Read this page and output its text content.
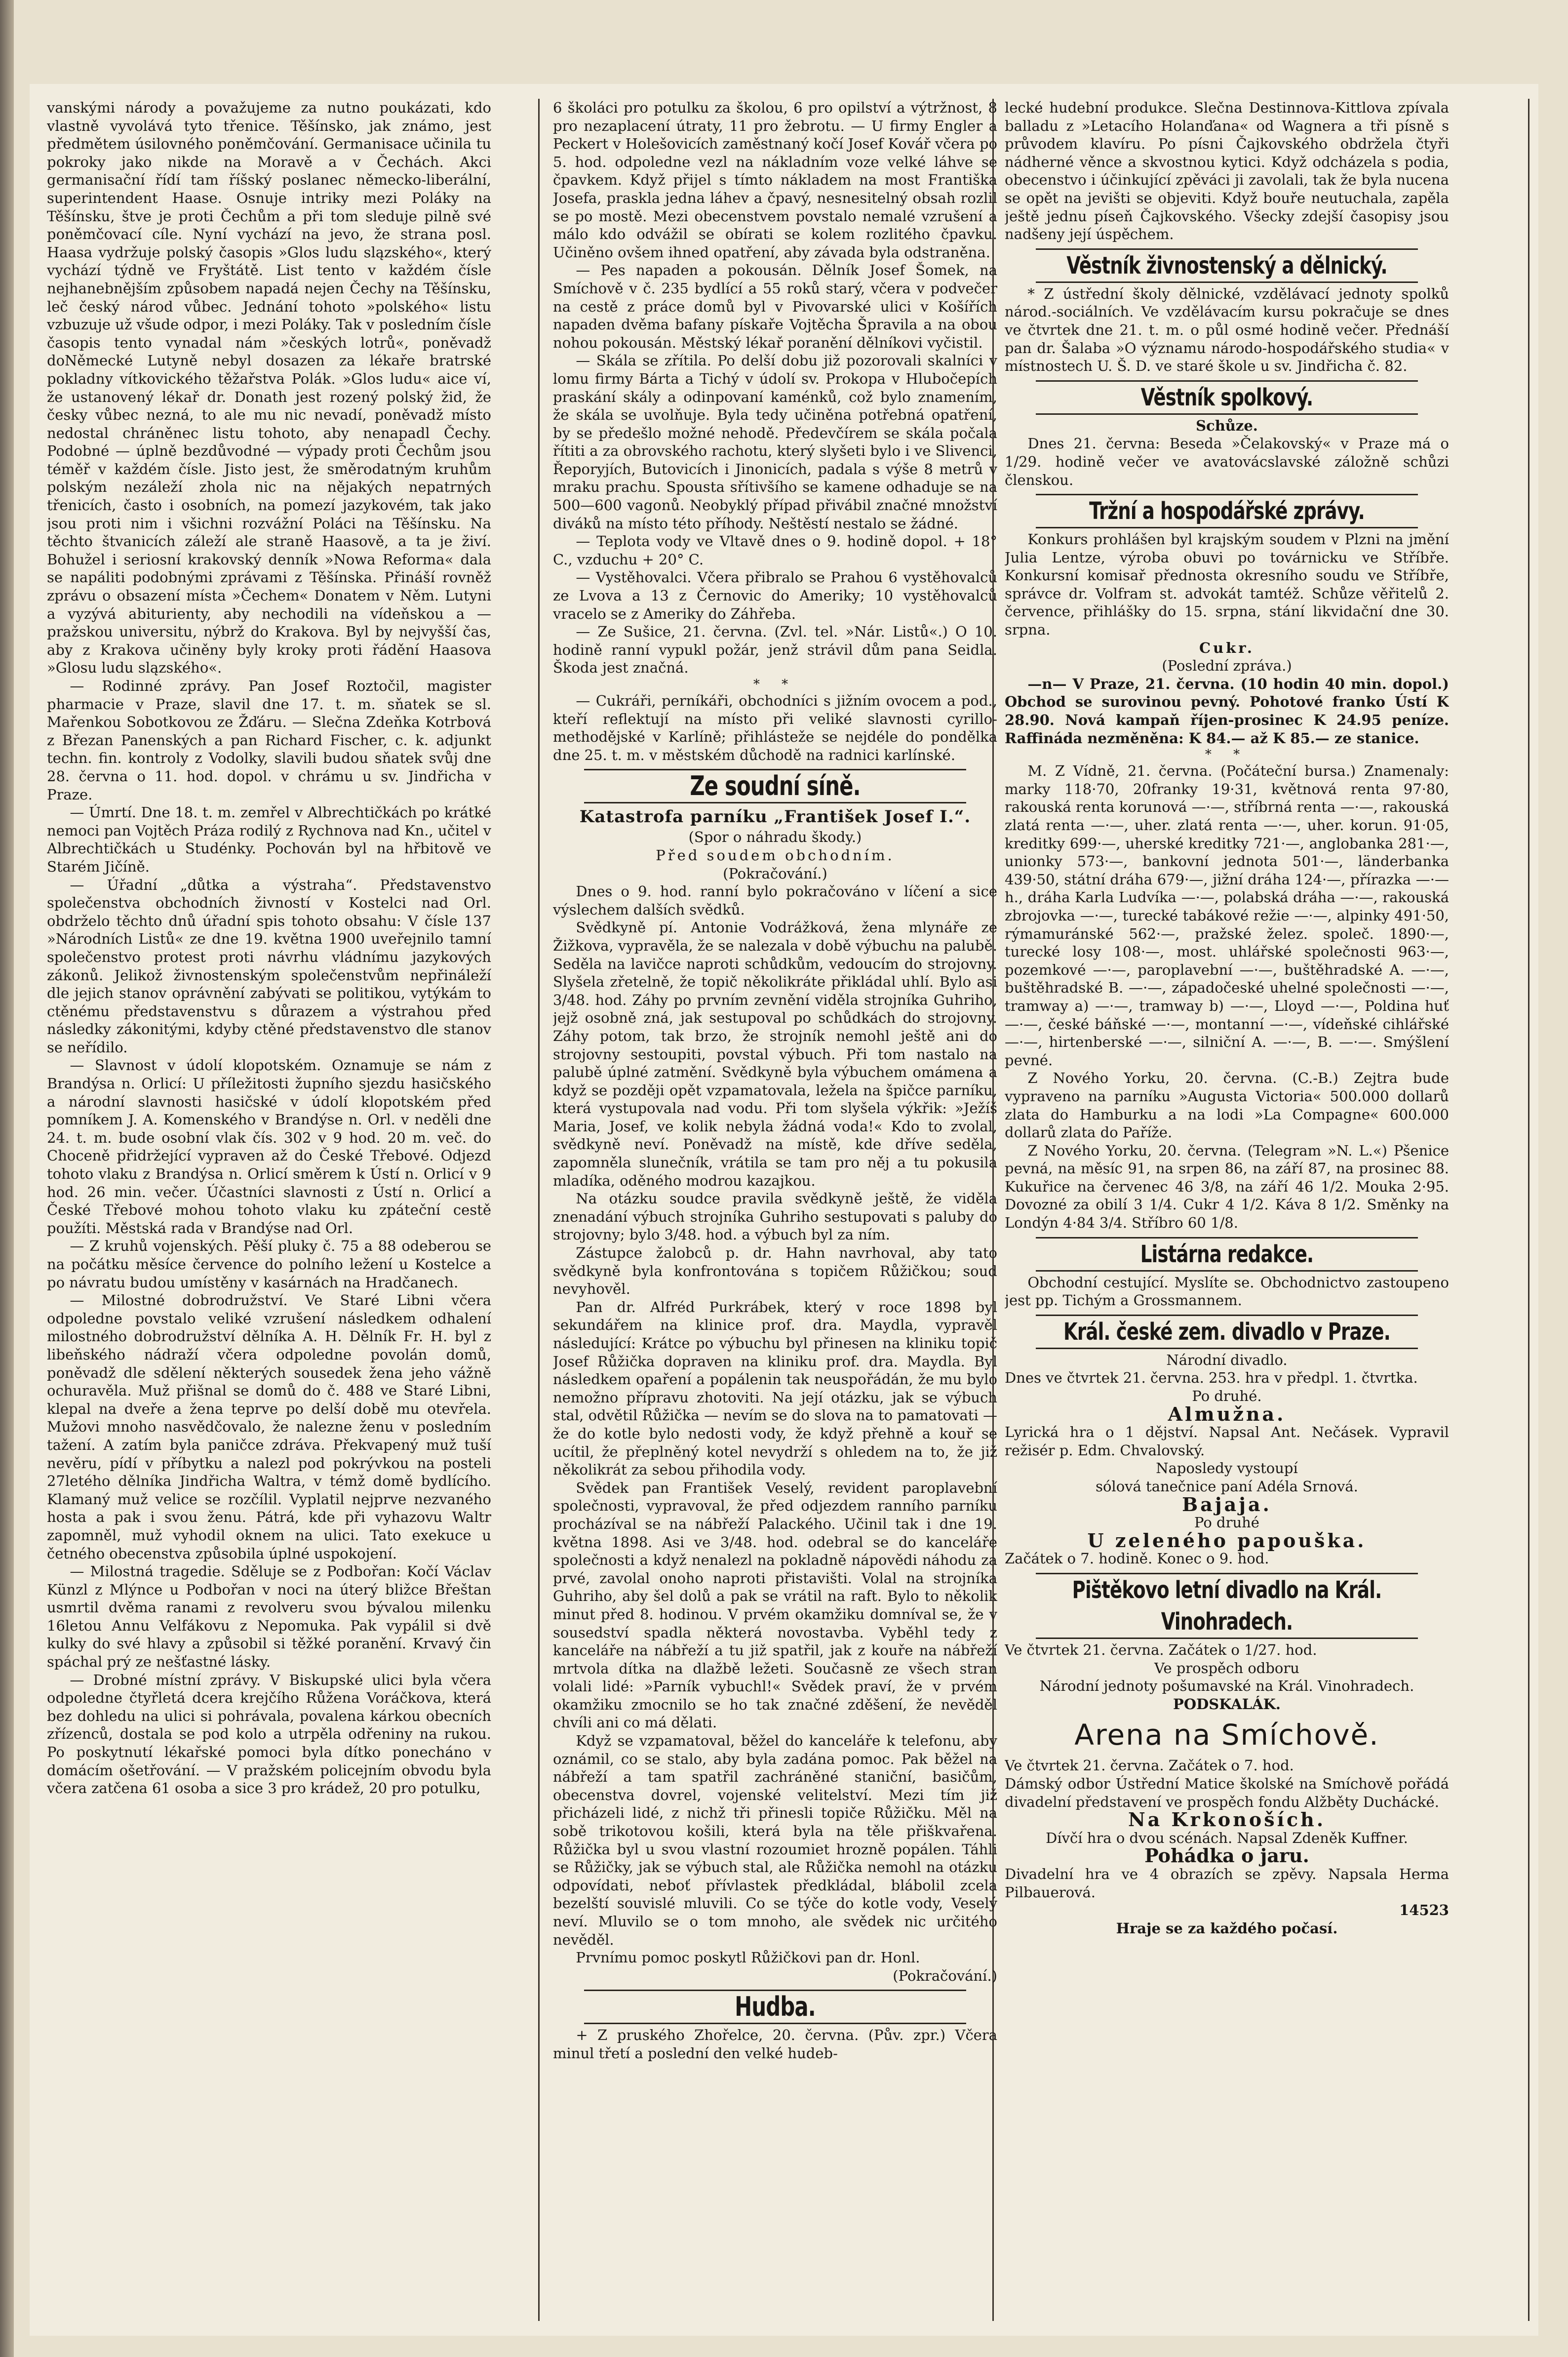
vanskými národy a považujeme za nutno poukázati, kdo vlastně vyvolává tyto třenice. Těšínsko, jak známo, jest předmětem úsilovného poněmčování. Germanisace učinila tu pokroky jako nikde na Moravě a v Čechách. Akci germanisační řídí tam říšský poslanec německo-liberální, superintendent Haase. Osnuje intriky mezi Poláky na Těšínsku, štve je proti Čechům a při tom sleduje pilně své poněmčovací cíle. Nyní vychází na jevo, že strana posl. Haasa vydržuje polský časopis »Glos ludu slązského«, který vychází týdně ve Fryštátě. List tento v každém čísle nejhanebnějším způsobem napadá nejen Čechy na Těšínsku, leč český národ vůbec. Jednání tohoto »polského« listu vzbuzuje už všude odpor, i mezi Poláky. Tak v posledním čísle časopis tento vynadal nám »českých lotrů«, poněvadž doNěmecké Lutyně nebyl dosazen za lékaře bratrské pokladny vítkovického těžařstva Polák. »Glos ludu« aice ví, že ustanovený lékař dr. Donath jest rozený polský žid, že česky vůbec nezná, to ale mu nic nevadí, poněvadž místo nedostal chráněnec listu tohoto, aby nenapadl Čechy. Podobné — úplně bezdůvodné — výpady proti Čechům jsou téměř v každém čísle. Jisto jest, že směrodatným kruhům polským nezáleží zhola nic na nějakých nepatrných třenicích, často i osobních, na pomezí jazykovém, tak jako jsou proti nim i všichni rozvážní Poláci na Těšínsku. Na těchto štvanicích záleží ale straně Haasově, a ta je živí. Bohužel i seriosní krakovský denník »Nowa Reforma« dala se napáliti podobnými zprávami z Těšínska. Přináší rovněž zprávu o obsazení místa »Čechem« Donatem v Něm. Lutyni a vyzývá abiturienty, aby nechodili na vídeňskou a — pražskou universitu, nýbrž do Krakova. Byl by nejvyšší čas, aby z Krakova učiněny byly kroky proti řádění Haasova »Glosu ludu slązského«.

— Rodinné zprávy. Pan Josef Roztočil, magister pharmacie v Praze, slavil dne 17. t. m. sňatek se sl. Mařenkou Sobotkovou ze Žďáru. — Slečna Zdeňka Kotrbová z Březan Panenských a pan Richard Fischer, c. k. adjunkt techn. fin. kontroly z Vodolky, slavili budou sňatek svůj dne 28. června o 11. hod. dopol. v chrámu u sv. Jindřicha v Praze.

— Úmrtí. Dne 18. t. m. zemřel v Albrechtičkách po krátké nemoci pan Vojtěch Práza rodilý z Rychnova nad Kn., učitel v Albrechtičkách u Studénky. Pochován byl na hřbitově ve Starém Jičíně.

— Úřadní „důtka a výstraha“. Představenstvo společenstva obchodních živností v Kostelci nad Orl. obdrželo těchto dnů úřadní spis tohoto obsahu: V čísle 137 »Národních Listů« ze dne 19. května 1900 uveřejnilo tamní společenstvo protest proti návrhu vládnímu jazykových zákonů. Jelikož živnostenským společenstvům nepřináleží dle jejich stanov oprávnění zabývati se politikou, vytýkám to ctěnému představenstvu s důrazem a výstrahou před následky zákonitými, kdyby ctěné představenstvo dle stanov se neřídilo.

— Slavnost v údolí klopotském. Oznamuje se nám z Brandýsa n. Orlicí: U příležitosti župního sjezdu hasičského a národní slavnosti hasičské v údolí klopotském před pomníkem J. A. Komenského v Brandýse n. Orl. v neděli dne 24. t. m. bude osobní vlak čís. 302 v 9 hod. 20 m. več. do Choceně přidržející vypraven až do České Třebové. Odjezd tohoto vlaku z Brandýsa n. Orlicí směrem k Ústí n. Orlicí v 9 hod. 26 min. večer. Účastníci slavnosti z Ústí n. Orlicí a České Třebové mohou tohoto vlaku ku zpáteční cestě použíti. Městská rada v Brandýse nad Orl.

— Z kruhů vojenských. Pěší pluky č. 75 a 88 odeberou se na počátku měsíce července do polního ležení u Kostelce a po návratu budou umístěny v kasárnách na Hradčanech.

— Milostné dobrodružství. Ve Staré Libni včera odpoledne povstalo veliké vzrušení následkem odhalení milostného dobrodružství dělníka A. H. Dělník Fr. H. byl z libeňského nádraží včera odpoledne povolán domů, poněvadž dle sdělení některých sousedek žena jeho vážně ochuravěla. Muž přišnal se domů do č. 488 ve Staré Libni, klepal na dveře a žena teprve po delší době mu otevřela. Mužovi mnoho nasvědčovalo, že nalezne ženu v posledním tažení. A zatím byla paničce zdráva. Překvapený muž tuší nevěru, pídí v příbytku a nalezl pod pokrývkou na posteli 27letého dělníka Jindřicha Waltra, v témž domě bydlícího. Klamaný muž velice se rozčílil. Vyplatil nejprve nezvaného hosta a pak i svou ženu. Pátrá, kde při vyhazovu Waltr zapomněl, muž vyhodil oknem na ulici. Tato exekuce u četného obecenstva způsobila úplné uspokojení.

— Milostná tragedie. Sděluje se z Podbořan: Kočí Václav Künzl z Mlýnce u Podbořan v noci na úterý bližce Břeštan usmrtil dvěma ranami z revolveru svou bývalou milenku 16letou Annu Velfákovu z Nepomuka. Pak vypálil si dvě kulky do své hlavy a způsobil si těžké poranění. Krvavý čin spáchal prý ze nešťastné lásky.

— Drobné místní zprávy. V Biskupské ulici byla včera odpoledne čtyřletá dcera krejčího Růžena Voráčkova, která bez dohledu na ulici si pohrávala, povalena kárkou obecních zřízenců, dostala se pod kolo a utrpěla odřeniny na rukou. Po poskytnutí lékařské pomoci byla dítko ponecháno v domácím ošetřování. — V pražském policejním obvodu byla včera zatčena 61 osoba a sice 3 pro krádež, 20 pro potulku,

6 školáci pro potulku za školou, 6 pro opilství a výtržnost, 8 pro nezaplacení útraty, 11 pro žebrotu. — U firmy Engler a Peckert v Holešovicích zaměstnaný kočí Josef Kovář včera po 5. hod. odpoledne vezl na nákladním voze velké láhve se čpavkem. Když přijel s tímto nákladem na most Františka Josefa, praskla jedna láhev a čpavý, nesnesitelný obsah rozlil se po mostě. Mezi obecenstvem povstalo nemalé vzrušení a málo kdo odvážil se obírati se kolem rozlitého čpavku. Učiněno ovšem ihned opatření, aby závada byla odstraněna.

— Pes napaden a pokousán. Dělník Josef Šomek, na Smíchově v č. 235 bydlící a 55 roků starý, včera v podvečer na cestě z práce domů byl v Pivovarské ulici v Košířích napaden dvěma bafany pískaře Vojtěcha Špravila a na obou nohou pokousán. Městský lékař poranění dělníkovi vyčistil.

— Skála se zřítila. Po delší dobu již pozorovali skalníci v lomu firmy Bárta a Tichý v údolí sv. Prokopa v Hlubočepích praskání skály a odinpovaní kaménků, což bylo znamením, že skála se uvolňuje. Byla tedy učiněna potřebná opatření, by se předešlo možné nehodě. Předevčírem se skála počala řítiti a za obrovského rachotu, který slyšeti bylo i ve Slivenci, Řeporyjích, Butovicích i Jinonicích, padala s výše 8 metrů v mraku prachu. Spousta sřítivšího se kamene odhaduje se na 500—600 vagonů. Neobyklý případ přivábil značné množství diváků na místo této příhody. Neštěstí nestalo se žádné.

— Teplota vody ve Vltavě dnes o 9. hodině dopol. + 18° C., vzduchu + 20° C.

— Vystěhovalci. Včera přibralo se Prahou 6 vystěhovalců ze Lvova a 13 z Černovic do Ameriky; 10 vystěhovalců vracelo se z Ameriky do Záhřeba.

— Ze Sušice, 21. června. (Zvl. tel. »Nár. Listů«.) O 10. hodině ranní vypukl požár, jenž strávil dům pana Seidla. Škoda jest značná.

* *

— Cukráři, perníkáři, obchodníci s jižním ovocem a pod., kteří reflektují na místo při veliké slavnosti cyrillo-methodějské v Karlíně; přihlásteže se nejdéle do pondělka dne 25. t. m. v městském důchodě na radnici karlínské.

Ze soudní síně.
Katastrofa parníku „František Josef I.“.

(Spor o náhradu škody.)

Před soudem obchodním.

(Pokračování.)

Dnes o 9. hod. ranní bylo pokračováno v líčení a sice výslechem dalších svědků.

Svědkyně pí. Antonie Vodrážková, žena mlynáře ze Žižkova, vypravěla, že se nalezala v době výbuchu na palubě. Seděla na lavičce naproti schůdkům, vedoucím do strojovny. Slyšela zřetelně, že topič několikráte přikládal uhlí. Bylo asi 3/48. hod. Záhy po prvním zevnění viděla strojníka Guhriho, jejž osobně zná, jak sestupoval po schůdkách do strojovny. Záhy potom, tak brzo, že strojník nemohl ještě ani do strojovny sestoupiti, povstal výbuch. Při tom nastalo na palubě úplné zatmění. Svědkyně byla výbuchem omámena a když se později opět vzpamatovala, ležela na špičce parníku, která vystupovala nad vodu. Při tom slyšela výkřik: »Ježíš Maria, Josef, ve kolik nebyla žádná voda!« Kdo to zvolal, svědkyně neví. Poněvadž na místě, kde dříve seděla, zapomněla slunečník, vrátila se tam pro něj a tu pokusila mladíka, oděného modrou kazajkou.

Na otázku soudce pravila svědkyně ještě, že viděla znenadání výbuch strojníka Guhriho sestupovati s paluby do strojovny; bylo 3/48. hod. a výbuch byl za ním.

Zástupce žalobců p. dr. Hahn navrhoval, aby tato svědkyně byla konfrontována s topičem Růžičkou; soud nevyhověl.

Pan dr. Alfréd Purkrábek, který v roce 1898 byl sekundářem na klinice prof. dra. Maydla, vypravěl následující: Krátce po výbuchu byl přinesen na kliniku topič Josef Růžička dopraven na kliniku prof. dra. Maydla. Byl následkem opaření a popálenin tak neuspořádán, že mu bylo nemožno přípravu zhotoviti. Na její otázku, jak se výbuch stal, odvětil Růžička — nevím se do slova na to pamatovati — že do kotle bylo nedosti vody, že když přehně a kouř se ucítil, že přeplněný kotel nevydrží s ohledem na to, že již několikrát za sebou přihodila vody.

Svědek pan František Veselý, revident paroplavební společnosti, vypravoval, že před odjezdem ranního parníku procházíval se na nábřeží Palackého. Učinil tak i dne 19. května 1898. Asi ve 3/48. hod. odebral se do kanceláře společnosti a když nenalezl na pokladně nápovědi náhodu za prvé, zavolal onoho naproti přistavišti. Volal na strojníka Guhriho, aby šel dolů a pak se vrátil na raft. Bylo to několik minut před 8. hodinou. V prvém okamžiku domníval se, že v sousedství spadla některá novostavba. Vyběhl tedy z kanceláře na nábřeží a tu již spatřil, jak z kouře na nábřeží mrtvola dítka na dlažbě ležeti. Současně ze všech stran volali lidé: »Parník vybuchl!« Svědek praví, že v prvém okamžiku zmocnilo se ho tak značné zděšení, že nevěděl chvíli ani co má dělati.

Když se vzpamatoval, běžel do kanceláře k telefonu, aby oznámil, co se stalo, aby byla zadána pomoc. Pak běžel na nábřeží a tam spatřil zachráněné staniční, basičům, obecenstva dovrel, vojenské velitelství. Mezi tím již přicházeli lidé, z nichž tři přinesli topiče Růžičku. Měl na sobě trikotovou košili, která byla na těle přiškvařena. Růžička byl u svou vlastní rozoumiet hrozně popálen. Táhli se Růžičky, jak se výbuch stal, ale Růžička nemohl na otázku odpovídati, neboť přívlastek předkládal, blábolil zcela bezelští souvislé mluvili. Co se týče do kotle vody, Veselý neví. Mluvilo se o tom mnoho, ale svědek nic určitého nevěděl.

Prvnímu pomoc poskytl Růžičkovi pan dr. Honl.

(Pokračování.)

Hudba.

+ Z pruského Zhořelce, 20. června. (Pův. zpr.) Včera minul třetí a poslední den velké hudeb-

lecké hudební produkce. Slečna Destinnova-Kittlova zpívala balladu z »Letacího Holanďana« od Wagnera a tři písně s průvodem klavíru. Po písni Čajkovského obdržela čtyři nádherné věnce a skvostnou kytici. Když odcházela s podia, obecenstvo i účinkující zpěváci ji zavolali, tak že byla nucena se opět na jevišti se objeviti. Když bouře neutuchala, zapěla ještě jednu píseň Čajkovského. Všecky zdejší časopisy jsou nadšeny její úspěchem.

Věstník živnostenský a dělnický.

* Z ústřední školy dělnické, vzdělávací jednoty spolků národ.-sociálních. Ve vzdělávacím kursu pokračuje se dnes ve čtvrtek dne 21. t. m. o půl osmé hodině večer. Přednáší pan dr. Šalaba »O významu národo-hospodářského studia« v místnostech U. Š. D. ve staré škole u sv. Jindřicha č. 82.

Věstník spolkový.

Schůze.

Dnes 21. června: Beseda »Čelakovský« v Praze má o 1/29. hodině večer ve avatovácslavské záložně schůzi členskou.

Tržní a hospodářské zprávy.

Konkurs prohlášen byl krajským soudem v Plzni na jmění Julia Lentze, výroba obuvi po továrnicku ve Stříbře. Konkursní komisař přednosta okresního soudu ve Stříbře, správce dr. Volfram st. advokát tamtéž. Schůze věřitelů 2. července, přihlášky do 15. srpna, stání likvidační dne 30. srpna.

Cukr.

(Poslední zpráva.)

—n— V Praze, 21. června. (10 hodin 40 min. dopol.) Obchod se surovinou pevný. Pohotové franko Ústí K 28.90. Nová kampaň říjen-prosinec K 24.95 peníze. Raffináda nezměněna: K 84.— až K 85.— ze stanice.

* *

M. Z Vídně, 21. června. (Počáteční bursa.) Znamenaly: marky 118·70, 20franky 19·31, květnová renta 97·80, rakouská renta korunová —·—, stříbrná renta —·—, rakouská zlatá renta —·—, uher. zlatá renta —·—, uher. korun. 91·05, kreditky 699·—, uherské kreditky 721·—, anglobanka 281·—, unionky 573·—, bankovní jednota 501·—, länderbanka 439·50, státní dráha 679·—, jižní dráha 124·—, přírazka —·— h., dráha Karla Ludvíka —·—, polabská dráha —·—, rakouská zbrojovka —·—, turecké tabákové režie —·—, alpinky 491·50, rýmamuránské 562·—, pražské želez. společ. 1890·—, turecké losy 108·—, most. uhlářské společnosti 963·—, pozemkové —·—, paroplavební —·—, buštěhradské A. —·—, buštěhradské B. —·—, západočeské uhelné společnosti —·—, tramway a) —·—, tramway b) —·—, Lloyd —·—, Poldina huť —·—, české báňské —·—, montanní —·—, vídeňské cihlářské —·—, hirtenberské —·—, silniční A. —·—, B. —·—. Smýšlení pevné.

Z Nového Yorku, 20. června. (C.-B.) Zejtra bude vypraveno na parníku »Augusta Victoria« 500.000 dollarů zlata do Hamburku a na lodi »La Compagne« 600.000 dollarů zlata do Paříže.

Z Nového Yorku, 20. června. (Telegram »N. L.«) Pšenice pevná, na měsíc 91, na srpen 86, na září 87, na prosinec 88. Kukuřice na červenec 46 3/8, na září 46 1/2. Mouka 2·95. Dovozné za obilí 3 1/4. Cukr 4 1/2. Káva 8 1/2. Směnky na Londýn 4·84 3/4. Stříbro 60 1/8.

Listárna redakce.

Obchodní cestující. Myslíte se. Obchodnictvo zastoupeno jest pp. Tichým a Grossmannem.

Král. české zem. divadlo v Praze.

Národní divadlo.

Dnes ve čtvrtek 21. června. 253. hra v předpl. 1. čtvrtka.

Po druhé.

Almužna.

Lyrická hra o 1 dějství. Napsal Ant. Nečásek. Vypravil režisér p. Edm. Chvalovský.

Naposledy vystoupí

sólová tanečnice paní Adéla Srnová.

Bajaja.

Po druhé

U zeleného papouška.

Začátek o 7. hodině. Konec o 9. hod.

Pištěkovo letní divadlo na Král. Vinohradech.

Ve čtvrtek 21. června. Začátek o 1/27. hod.

Ve prospěch odboru

Národní jednoty pošumavské na Král. Vinohradech.

PODSKALÁK.

Arena na Smíchově.

Ve čtvrtek 21. června. Začátek o 7. hod.

Dámský odbor Ústřední Matice školské na Smíchově pořádá divadelní představení ve prospěch fondu Alžběty Duchácké.

Na Krkonoších.

Dívčí hra o dvou scénách. Napsal Zdeněk Kuffner.

Pohádka o jaru.

Divadelní hra ve 4 obrazích se zpěvy. Napsala Herma Pilbauerová.

14523

Hraje se za každého počasí.
